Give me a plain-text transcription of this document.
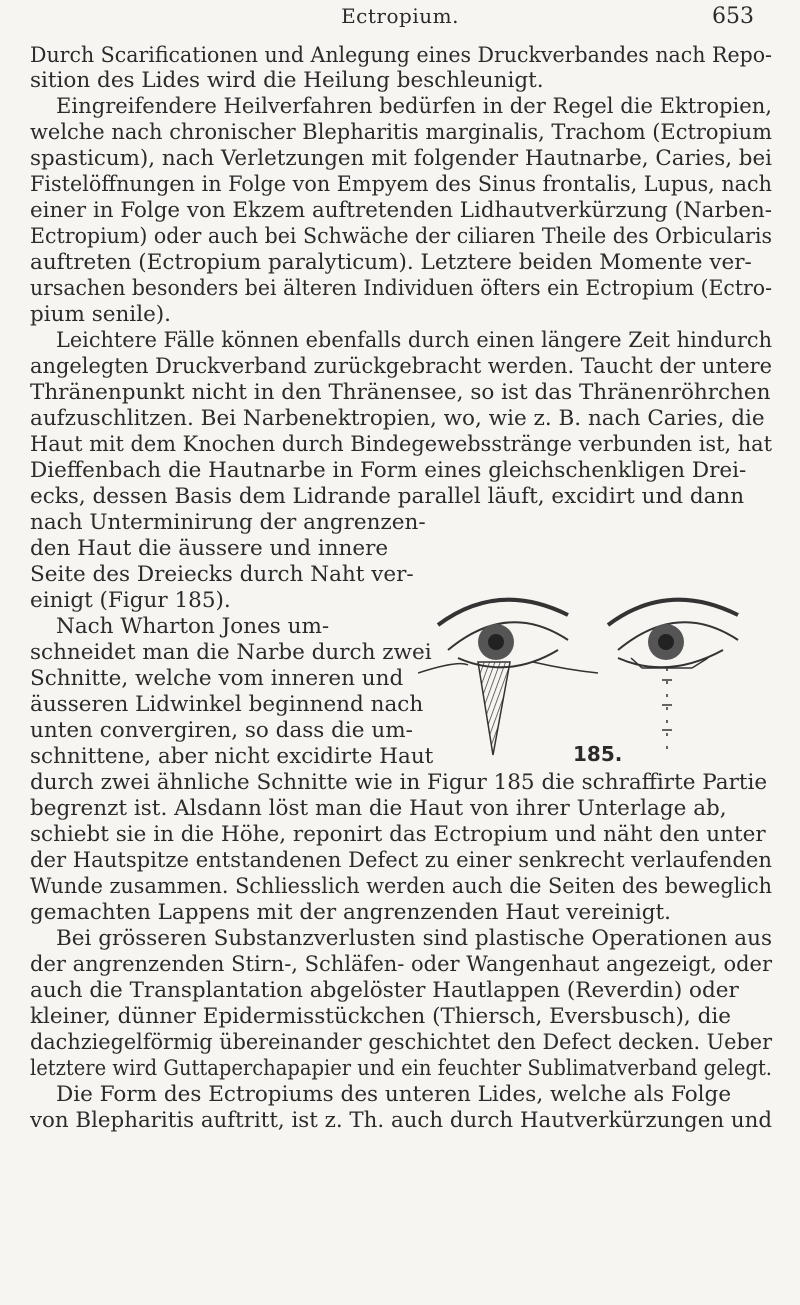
Ectropium.	653
Durch Scarificationen und Anlegung eines Druckverbandes nach Repo-
sition des Lides wird die Heilung beschleunigt.
Eingreifendere Heilverfahren bedürfen in der Regel die Ektropien,
welche nach chronischer Blepharitis marginalis, Trachom (Ectropium
spasticum), nach Verletzungen mit folgender Hautnarbe, Caries, bei
Fistelöffnungen in Folge von Empyem des Sinus frontalis, Lupus, nach
einer in Folge von Ekzem auftretenden Lidhautverkürzung (Narben-
Ectropium) oder auch bei Schwäche der ciliaren Theile des Orbicularis
auftreten (Ectropium paralyticum). Letztere beiden Momente ver-
ursachen besonders bei älteren Individuen öfters ein Ectropium (Ectro-
pium senile).
Leichtere Fälle können ebenfalls durch einen längere Zeit hindurch
angelegten Druckverband zurückgebracht werden. Taucht der untere
Thränenpunkt nicht in den Thränensee, so ist das Thränenröhrchen
aufzuschlitzen. Bei Narbenektropien, wo, wie z. B. nach Caries, die
Haut mit dem Knochen durch Bindegewebsstränge verbunden ist, hat
Dieffenbach die Hautnarbe in Form eines gleichschenkligen Drei-
ecks, dessen Basis dem Lidrande parallel läuft, excidirt und dann
nach Unterminirung der angrenzen-
den Haut die äussere und innere
Seite des Dreiecks durch Naht ver-
einigt (Figur 185).
Nach Wharton Jones um-
schneidet man die Narbe durch zwei
Schnitte, welche vom inneren und
äusseren Lidwinkel beginnend nach
unten convergiren, so dass die um-
schnittene, aber nicht excidirte Haut
durch zwei ähnliche Schnitte wie in Figur 185 die schraffirte Partie
begrenzt ist. Alsdann löst man die Haut von ihrer Unterlage ab,
schiebt sie in die Höhe, reponirt das Ectropium und näht den unter
der Hautspitze entstandenen Defect zu einer senkrecht verlaufenden
Wunde zusammen. Schliesslich werden auch die Seiten des beweglich
gemachten Lappens mit der angrenzenden Haut vereinigt.
Bei grösseren Substanzverlusten sind plastische Operationen aus
der angrenzenden Stirn-, Schläfen- oder Wangenhaut angezeigt, oder
auch die Transplantation abgelöster Hautlappen (Reverdin) oder
kleiner, dünner Epidermisstückchen (Thiersch, Eversbusch), die
dachziegelförmig übereinander geschichtet den Defect decken. Ueber
letztere wird Guttaperchapapier und ein feuchter Sublimatverband gelegt.
Die Form des Ectropiums des unteren Lides, welche als Folge
von Blepharitis auftritt, ist z. Th. auch durch Hautverkürzungen und
185.
